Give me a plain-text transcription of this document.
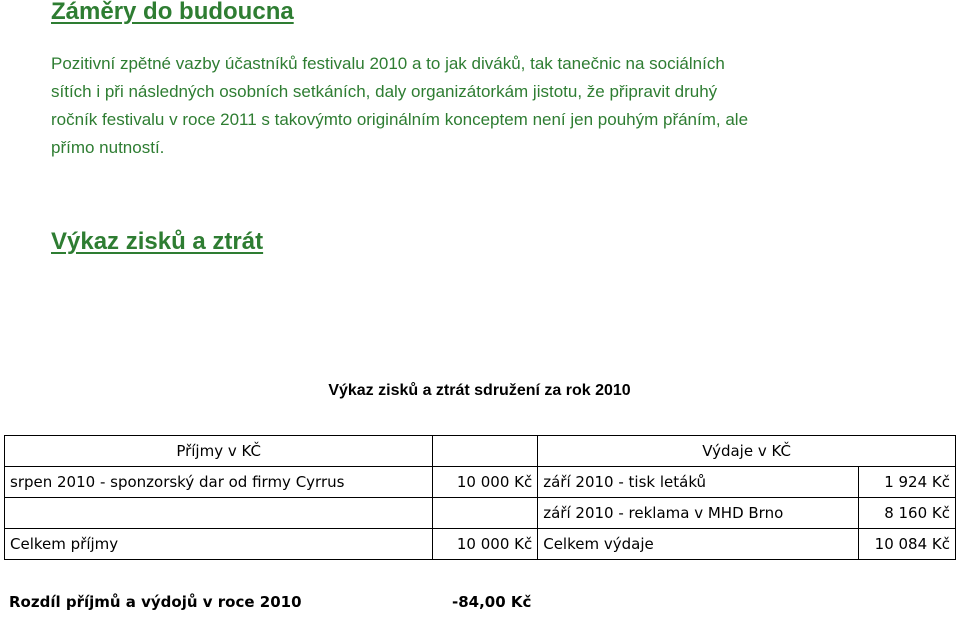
Záměry do budoucna
Pozitivní zpětné vazby účastníků festivalu 2010 a to jak diváků, tak tanečnic na sociálních
sítích i při následných osobních setkáních, daly organizátorkám jistotu, že připravit druhý
ročník festivalu v roce 2011 s takovýmto originálním konceptem není jen pouhým přáním, ale
přímo nutností.
Výkaz zisků a ztrát
Výkaz zisků a ztrát sdružení za rok 2010
Příjmy v KČ		Výdaje v KČ	
srpen 2010 - sponzorský dar od firmy Cyrrus	10 000 Kč	září 2010 - tisk letáků	1 924 Kč
		září 2010 - reklama v MHD Brno	8 160 Kč
Celkem příjmy	10 000 Kč	Celkem výdaje	10 084 Kč
Rozdíl příjmů a výdojů v roce 2010	-84,00 Kč
